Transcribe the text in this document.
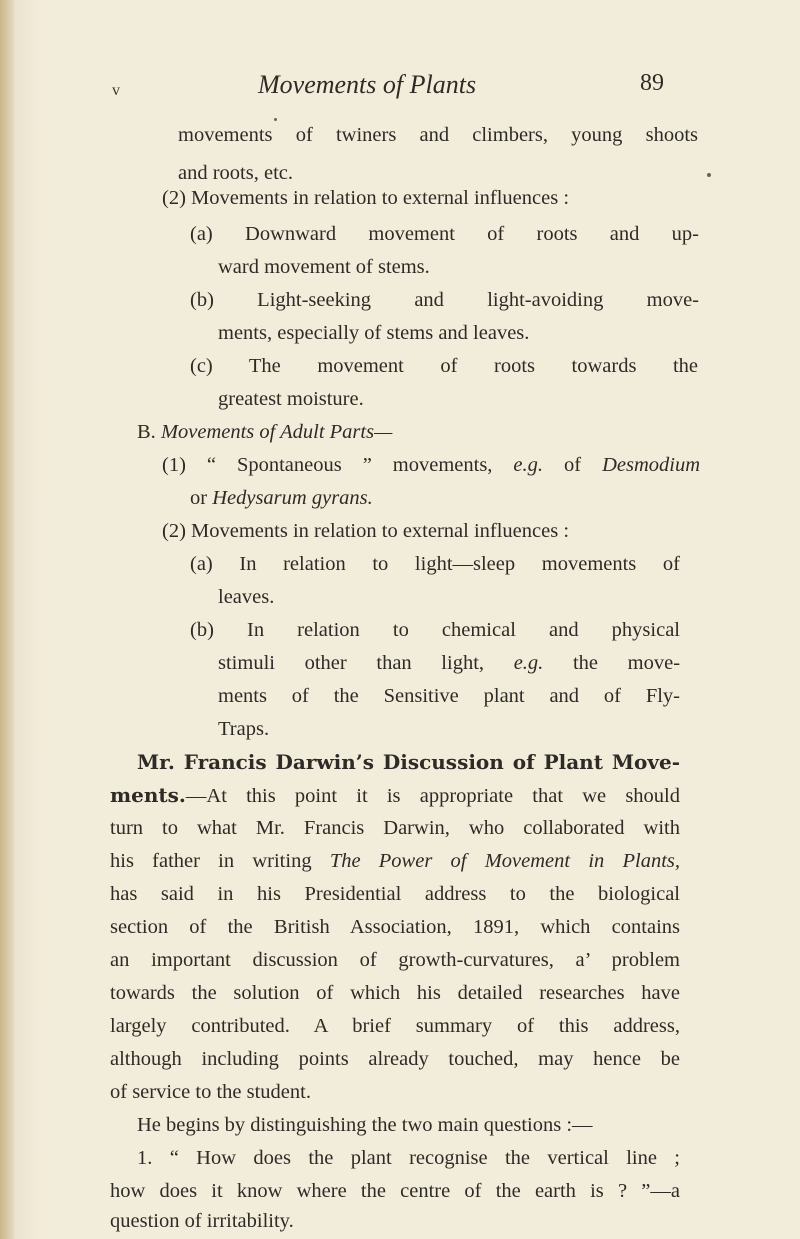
v	Movements of Plants	89
movements of twiners and climbers, young shoots
and roots, etc.
(2) Movements in relation to external influences :
(a) Downward movement of roots and up-
ward movement of stems.
(b) Light-seeking and light-avoiding move-
ments, especially of stems and leaves.
(c) The movement of roots towards the
greatest moisture.
B. Movements of Adult Parts—
(1) “ Spontaneous ” movements, e.g. of Desmodium
or Hedysarum gyrans.
(2) Movements in relation to external influences :
(a) In relation to light—sleep movements of
leaves.
(b) In relation to chemical and physical
stimuli other than light, e.g. the move-
ments of the Sensitive plant and of Fly-
Traps.
Mr. Francis Darwin’s Discussion of Plant Move-
ments.—At this point it is appropriate that we should
turn to what Mr. Francis Darwin, who collaborated with
his father in writing The Power of Movement in Plants,
has said in his Presidential address to the biological
section of the British Association, 1891, which contains
an important discussion of growth-curvatures, a’ problem
towards the solution of which his detailed researches have
largely contributed. A brief summary of this address,
although including points already touched, may hence be
of service to the student.
He begins by distinguishing the two main questions :—
1. “ How does the plant recognise the vertical line ;
how does it know where the centre of the earth is ? ”—a
question of irritability.
